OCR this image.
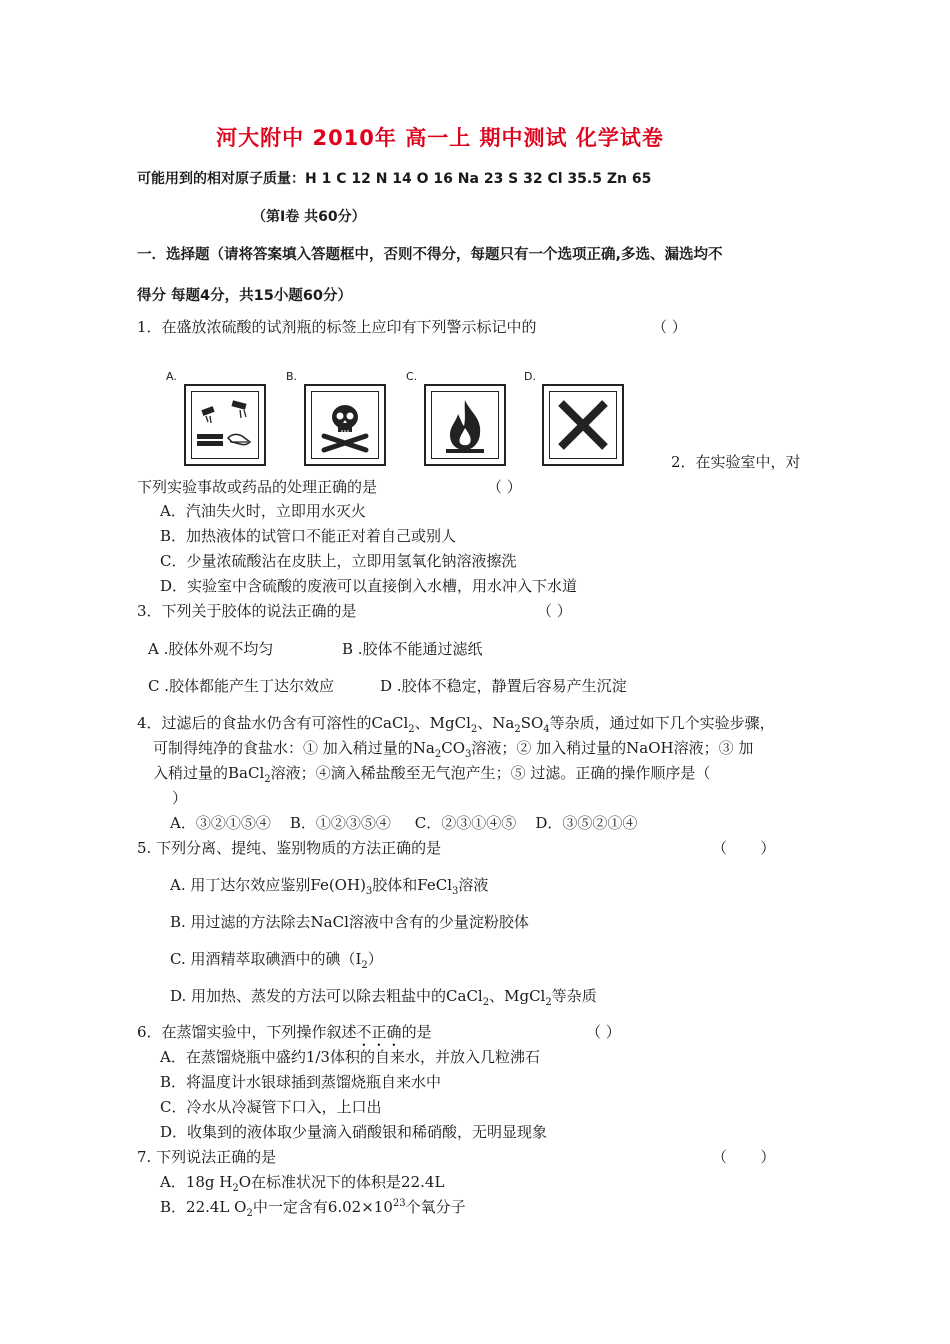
河大附中 2010年 高一上 期中测试 化学试卷
可能用到的相对原子质量：H 1 C 12 N 14 O 16 Na 23 S 32 Cl 35.5 Zn 65
（第Ⅰ卷 共60分）
一．选择题（请将答案填入答题框中，否则不得分，每题只有一个选项正确,多选、漏选均不
得分 每题4分，共15小题60分）
1．在盛放浓硫酸的试剂瓶的标签上应印有下列警示标记中的	（ ）
A.	B.	C.	D.
2．在实验室中，对
下列实验事故或药品的处理正确的是	（ ）
A．汽油失火时，立即用水灭火
B．加热液体的试管口不能正对着自己或别人
C．少量浓硫酸沾在皮肤上，立即用氢氧化钠溶液擦洗
D．实验室中含硫酸的废液可以直接倒入水槽，用水冲入下水道
3．下列关于胶体的说法正确的是	（ ）
A .胶体外观不均匀	B .胶体不能通过滤纸
C .胶体都能产生丁达尔效应	D .胶体不稳定，静置后容易产生沉淀
4．过滤后的食盐水仍含有可溶性的CaCl$_2$、MgCl$_2$、$Na_2SO_4$等杂质，通过如下几个实验步骤，
可制得纯净的食盐水：① 加入稍过量的$Na_2CO_3$溶液；② 加入稍过量的NaOH溶液；③ 加
入稍过量的BaCl$_2$溶液；④滴入稀盐酸至无气泡产生；⑤ 过滤。正确的操作顺序是（
）
A．③②①⑤④    B．①②③⑤④     C．②③①④⑤    D．③⑤②①④
5. 下列分离、提纯、鉴别物质的方法正确的是	（       ）
A. 用丁达尔效应鉴别$Fe(OH)_3$胶体和FeCl$_3$溶液
B. 用过滤的方法除去NaCl溶液中含有的少量淀粉胶体
C. 用酒精萃取碘酒中的碘$(I_2)$
D. 用加热、蒸发的方法可以除去粗盐中的CaCl$_2$、MgCl$_2$等杂质
6．在蒸馏实验中，下列操作叙述不正确的是	（ ）
A．在蒸馏烧瓶中盛约1/3体积的自来水，并放入几粒沸石
B．将温度计水银球插到蒸馏烧瓶自来水中
C．冷水从冷凝管下口入，上口出
D．收集到的液体取少量滴入硝酸银和稀硝酸，无明显现象
7. 下列说法正确的是	（       ）
A．18g $H_2O$在标准状况下的体积是22.4L
B．22.4L $O_2$中一定含有$6.02\times 10^{23}$个氧分子
